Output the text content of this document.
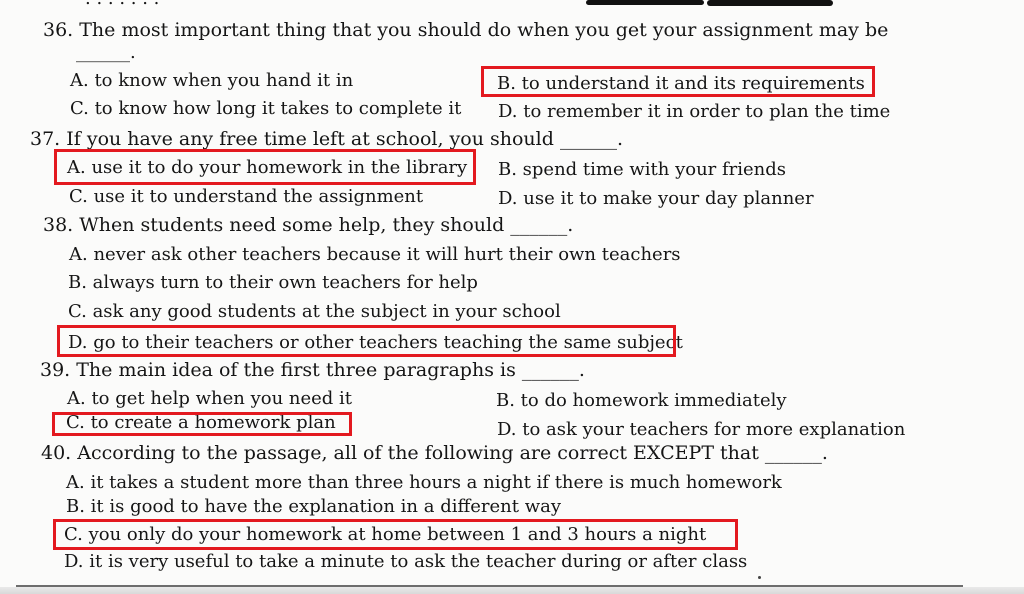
36. The most important thing that you should do when you get your assignment may be
______.
A. to know when you hand it in	B. to understand it and its requirements
C. to know how long it takes to complete it D. to remember it in order to plan the time
37. If you have any free time left at school, you should ______.
A. use it to do your homework in the library B. spend time with your friends
C. use it to understand the assignment	D. use it to make your day planner
38. When students need some help, they should ______.
A. never ask other teachers because it will hurt their own teachers
B. always turn to their own teachers for help
C. ask any good students at the subject in your school
D. go to their teachers or other teachers teaching the same subject
39. The main idea of the first three paragraphs is ______.
A. to get help when you need it	B. to do homework immediately
C. to create a homework plan	D. to ask your teachers for more explanation
40. According to the passage, all of the following are correct EXCEPT that ______.
A. it takes a student more than three hours a night if there is much homework
B. it is good to have the explanation in a different way
C. you only do your homework at home between 1 and 3 hours a night
D. it is very useful to take a minute to ask the teacher during or after class
